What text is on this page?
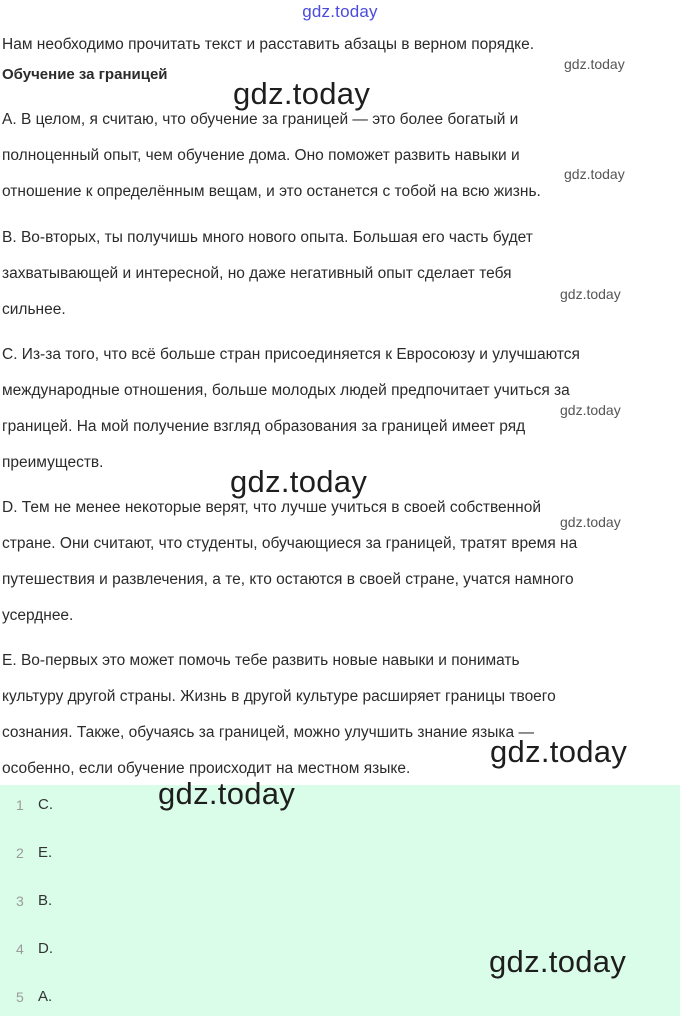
gdz.today
Нам необходимо прочитать текст и расставить абзацы в верном порядке.
Обучение за границей
A. В целом, я считаю, что обучение за границей — это более богатый и
полноценный опыт, чем обучение дома. Оно поможет развить навыки и
отношение к определённым вещам, и это останется с тобой на всю жизнь.
B. Во-вторых, ты получишь много нового опыта. Большая его часть будет
захватывающей и интересной, но даже негативный опыт сделает тебя
сильнее.
C. Из-за того, что всё больше стран присоединяется к Евросоюзу и улучшаются
международные отношения, больше молодых людей предпочитает учиться за
границей. На мой получение взгляд образования за границей имеет ряд
преимуществ.
D. Тем не менее некоторые верят, что лучше учиться в своей собственной
стране. Они считают, что студенты, обучающиеся за границей, тратят время на
путешествия и развлечения, а те, кто остаются в своей стране, учатся намного
усерднее.
E. Во-первых это может помочь тебе развить новые навыки и понимать
культуру другой страны. Жизнь в другой культуре расширяет границы твоего
сознания. Также, обучаясь за границей, можно улучшить знание языка —
особенно, если обучение происходит на местном языке.
1 C.
2 E.
3 B.
4 D.
5 A.
gdz.today
gdz.today
gdz.today
gdz.today
gdz.today
gdz.today
gdz.today
gdz.today
gdz.today
gdz.today
